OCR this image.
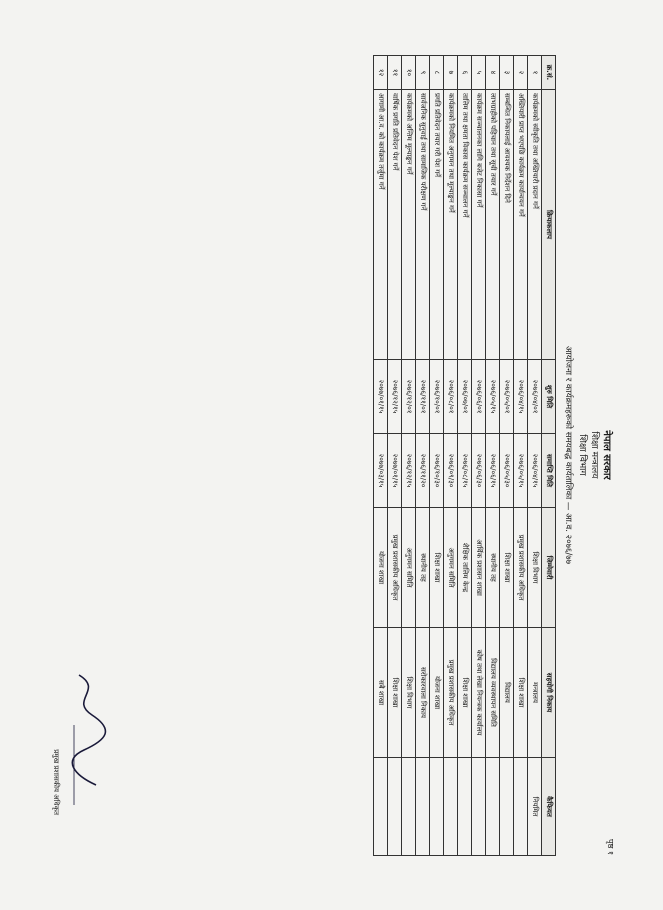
पृष्ठ १
नेपाल सरकार
शिक्षा मन्त्रालय
शिक्षा विभाग
आयोजना र कार्यक्रमहरूको समयबद्ध कार्यतालिका — आ.व. २०७६/७७
क्र.सं.	क्रियाकलाप	शुरु मिति	समाप्ति मिति	जिम्मेवारी	सहयोगी निकाय	कैफियत
१	कार्यक्रमको स्वीकृति तथा अख्तियारी प्रदान गर्ने	२०७६/०४/०१	२०७६/०४/१५	शिक्षा विभाग	मन्त्रालय	नियमित
२	अख्तियारी प्राप्त भएपछि कार्यक्रम कार्यान्वयन गर्ने	२०७६/०४/१५	२०७६/०५/१५	प्रमुख प्रशासकीय अधिकृत	शिक्षा शाखा	
३	सम्बन्धित निकायलाई आवश्यक निर्देशन दिने	२०७६/०५/०१	२०७६/०५/३०	शिक्षा शाखा	विद्यालय	
४	लाभग्राहीको पहिचान तथा सूची तयार गर्ने	२०७६/०५/१५	२०७६/०६/१५	स्थानीय तह	विद्यालय व्यवस्थापन समिति	
५	कार्यक्रम सञ्चालनका लागि बजेट निकासा गर्ने	२०७६/०६/०१	२०७६/०६/३०	आर्थिक प्रशासन शाखा	कोष तथा लेखा नियन्त्रक कार्यालय	
६	तालिम तथा क्षमता विकास कार्यक्रम सञ्चालन गर्ने	२०७६/०७/०१	२०७६/०८/१५	शैक्षिक तालिम केन्द्र	शिक्षा शाखा	
७	कार्यक्रमको नियमित अनुगमन तथा मूल्याङ्कन गर्ने	२०७६/०८/०१	२०७६/०९/३०	अनुगमन समिति	प्रमुख प्रशासकीय अधिकृत	
८	प्रगति प्रतिवेदन तयार गरी पेश गर्ने	२०७६/१०/०१	२०७६/१०/३०	शिक्षा शाखा	योजना शाखा	
९	सार्वजनिक सुनुवाई तथा सामाजिक परीक्षण गर्ने	२०७६/११/०१	२०७६/११/२०	स्थानीय तह	सरोकारवाला निकाय	
१०	कार्यक्रमको अन्तिम मूल्याङ्कन गर्ने	२०७६/१२/०१	२०७६/१२/१५	अनुगमन समिति	शिक्षा विभाग	
११	वार्षिक प्रगति प्रतिवेदन पेश गर्ने	२०७६/१२/१५	२०७७/०१/१५	प्रमुख प्रशासकीय अधिकृत	शिक्षा शाखा	
१२	आगामी आ.व. को कार्यक्रम तर्जुमा गर्ने	२०७७/०१/१५	२०७७/०३/१५	योजना शाखा	सबै शाखा	
प्रमुख प्रशासकीय अधिकृत
